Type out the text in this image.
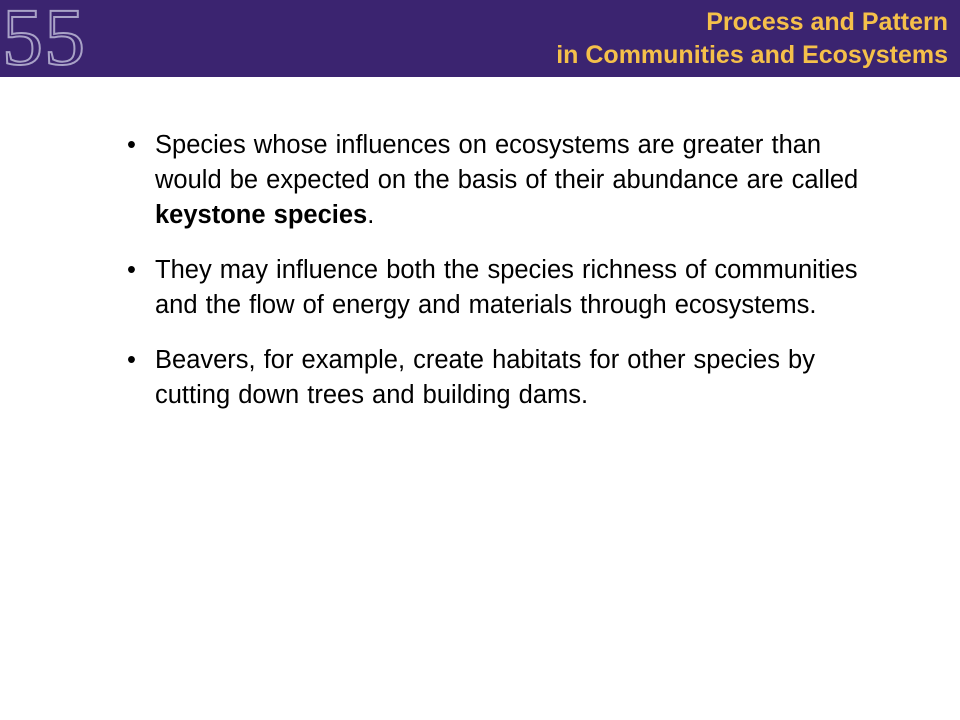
55	Process and Pattern
in Communities and Ecosystems
• Species whose influences on ecosystems are greater than would be expected on the basis of their abundance are called keystone species.
• They may influence both the species richness of communities and the flow of energy and materials through ecosystems.
• Beavers, for example, create habitats for other species by cutting down trees and building dams.
